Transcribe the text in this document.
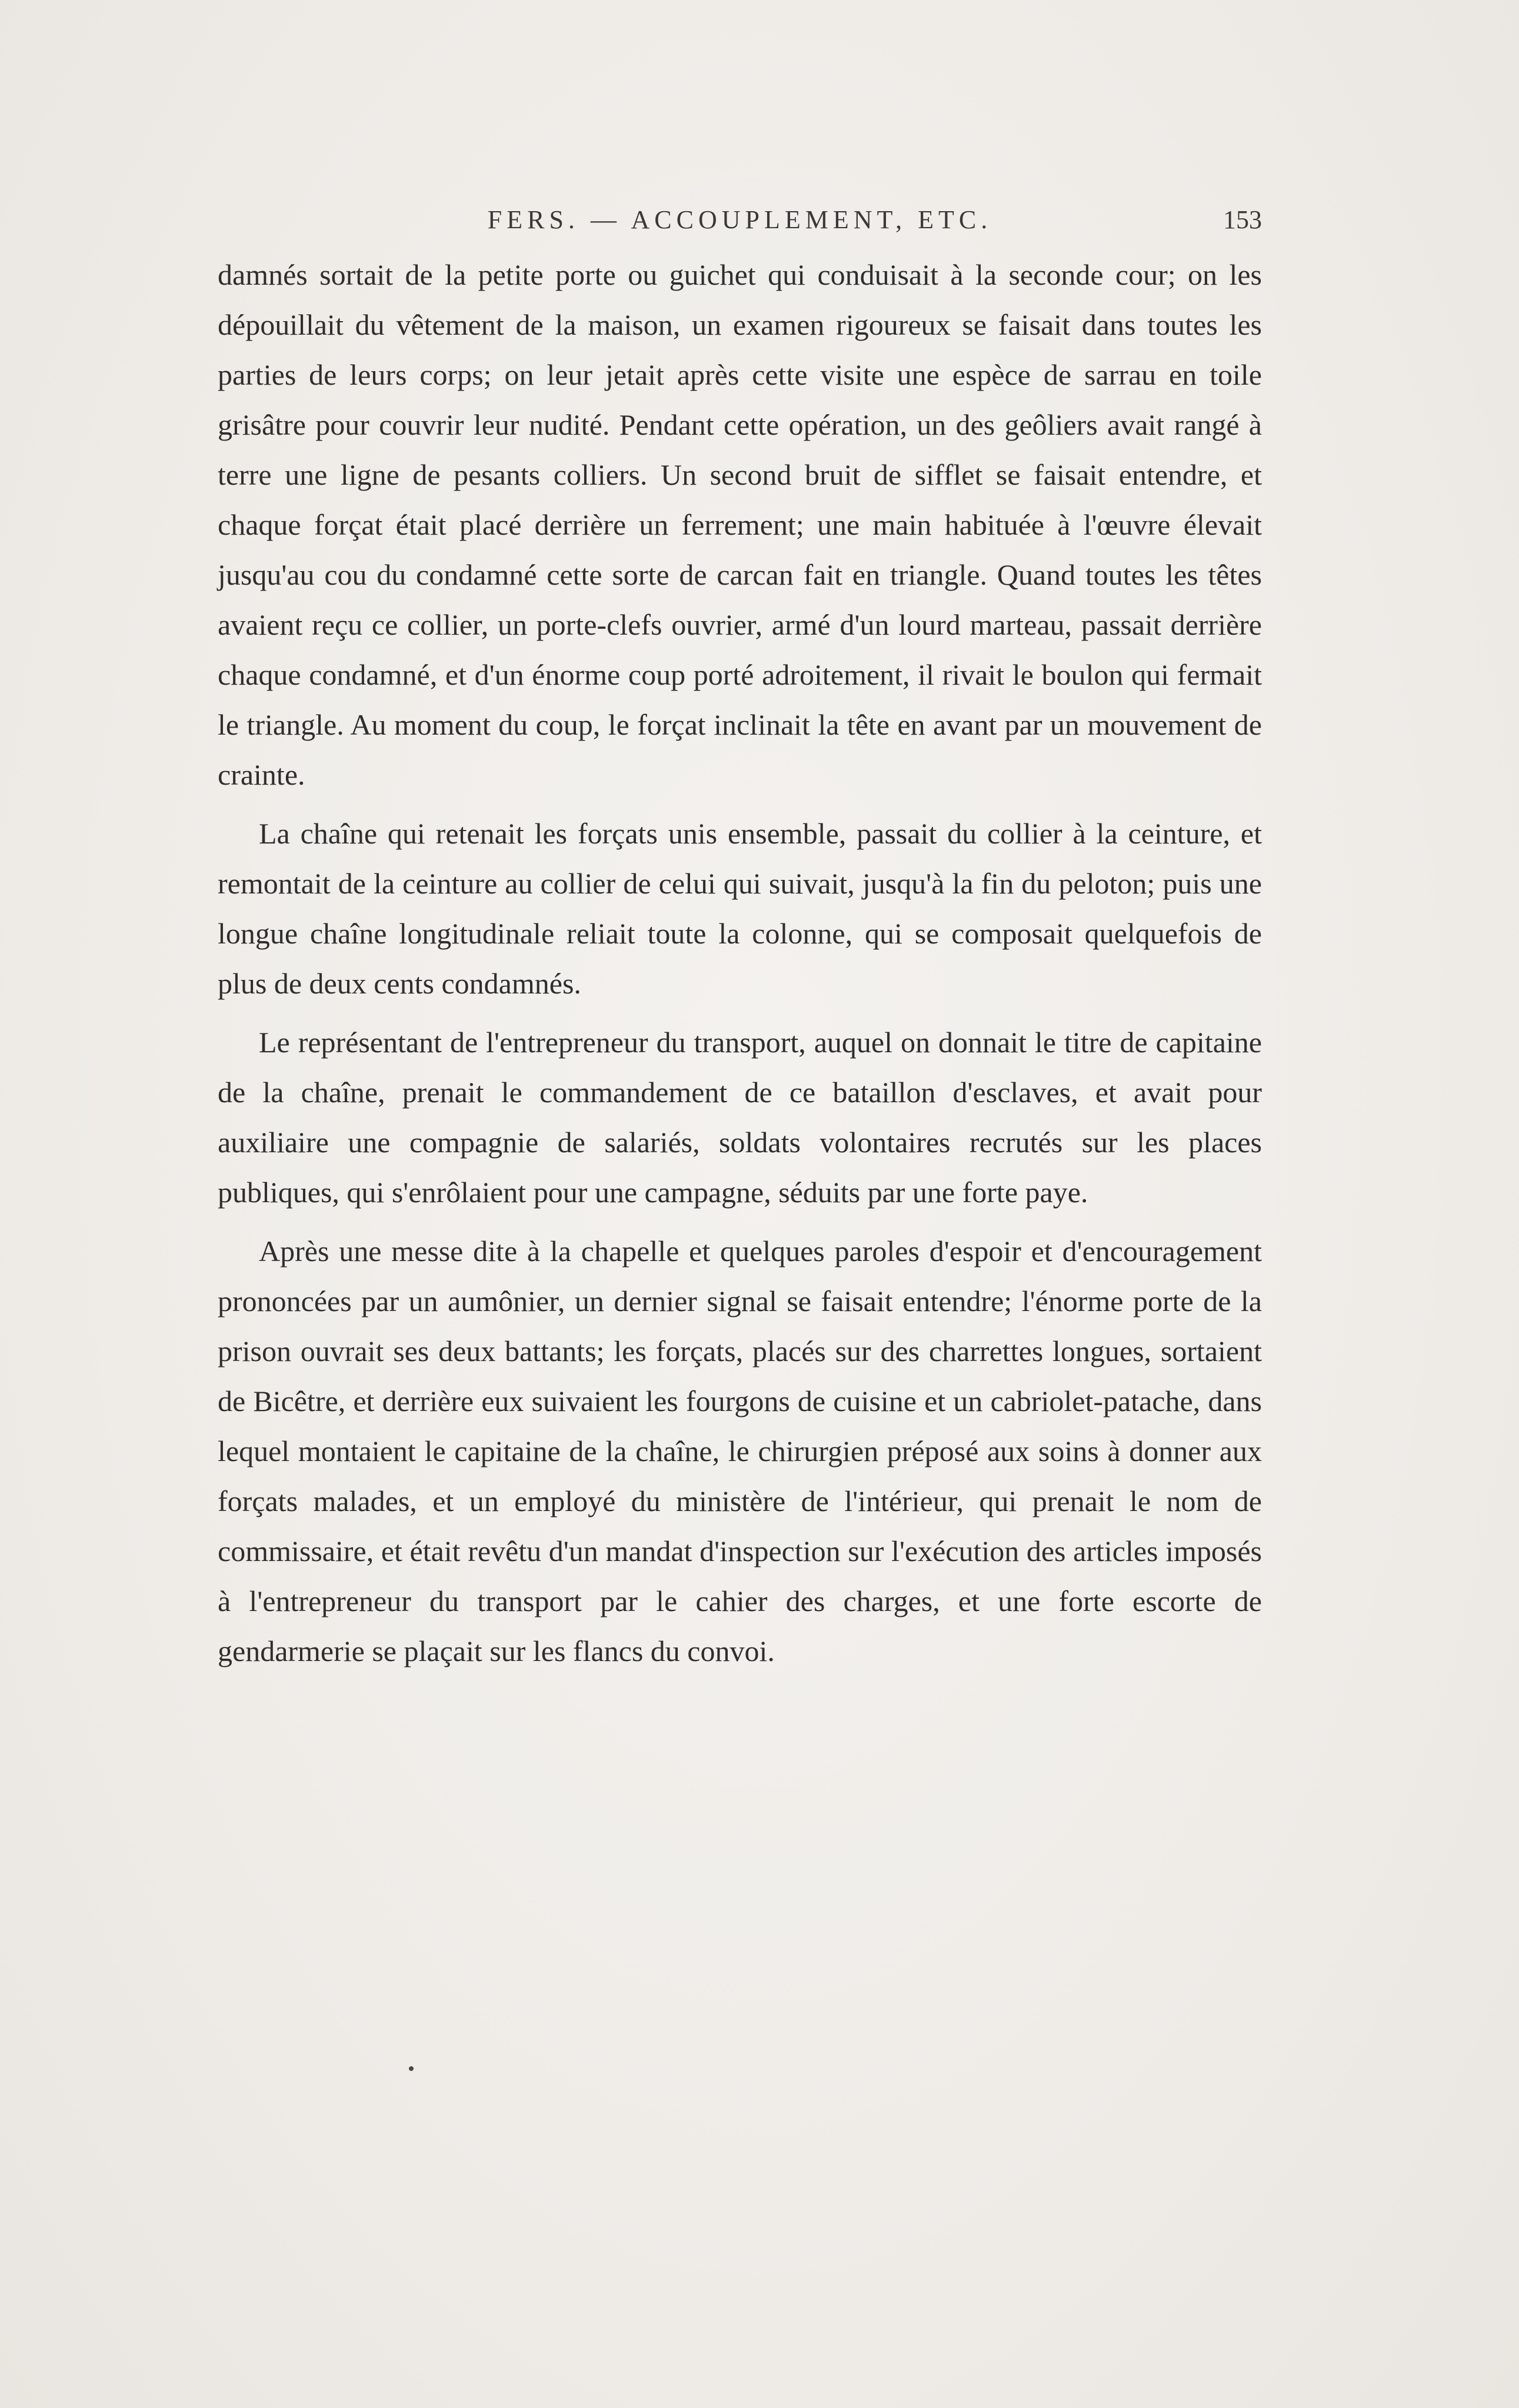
FERS. — ACCOUPLEMENT, ETC.	153

damnés sortait de la petite porte ou guichet qui conduisait à la seconde cour; on les dépouillait du vêtement de la maison, un examen rigoureux se faisait dans toutes les parties de leurs corps; on leur jetait après cette visite une espèce de sarrau en toile grisâtre pour couvrir leur nudité. Pendant cette opération, un des geôliers avait rangé à terre une ligne de pesants colliers. Un second bruit de sifflet se faisait entendre, et chaque forçat était placé derrière un ferrement; une main habituée à l'œuvre élevait jusqu'au cou du condamné cette sorte de carcan fait en triangle. Quand toutes les têtes avaient reçu ce collier, un porte-clefs ouvrier, armé d'un lourd marteau, passait derrière chaque condamné, et d'un énorme coup porté adroitement, il rivait le boulon qui fermait le triangle. Au moment du coup, le forçat inclinait la tête en avant par un mouvement de crainte.

La chaîne qui retenait les forçats unis ensemble, passait du collier à la ceinture, et remontait de la ceinture au collier de celui qui suivait, jusqu'à la fin du peloton; puis une longue chaîne longitudinale reliait toute la colonne, qui se composait quelquefois de plus de deux cents condamnés.

Le représentant de l'entrepreneur du transport, auquel on donnait le titre de capitaine de la chaîne, prenait le commandement de ce bataillon d'esclaves, et avait pour auxiliaire une compagnie de salariés, soldats volontaires recrutés sur les places publiques, qui s'enrôlaient pour une campagne, séduits par une forte paye.

Après une messe dite à la chapelle et quelques paroles d'espoir et d'encouragement prononcées par un aumônier, un dernier signal se faisait entendre; l'énorme porte de la prison ouvrait ses deux battants; les forçats, placés sur des charrettes longues, sortaient de Bicêtre, et derrière eux suivaient les fourgons de cuisine et un cabriolet-patache, dans lequel montaient le capitaine de la chaîne, le chirurgien préposé aux soins à donner aux forçats malades, et un employé du ministère de l'intérieur, qui prenait le nom de commissaire, et était revêtu d'un mandat d'inspection sur l'exécution des articles imposés à l'entrepreneur du transport par le cahier des charges, et une forte escorte de gendarmerie se plaçait sur les flancs du convoi.
